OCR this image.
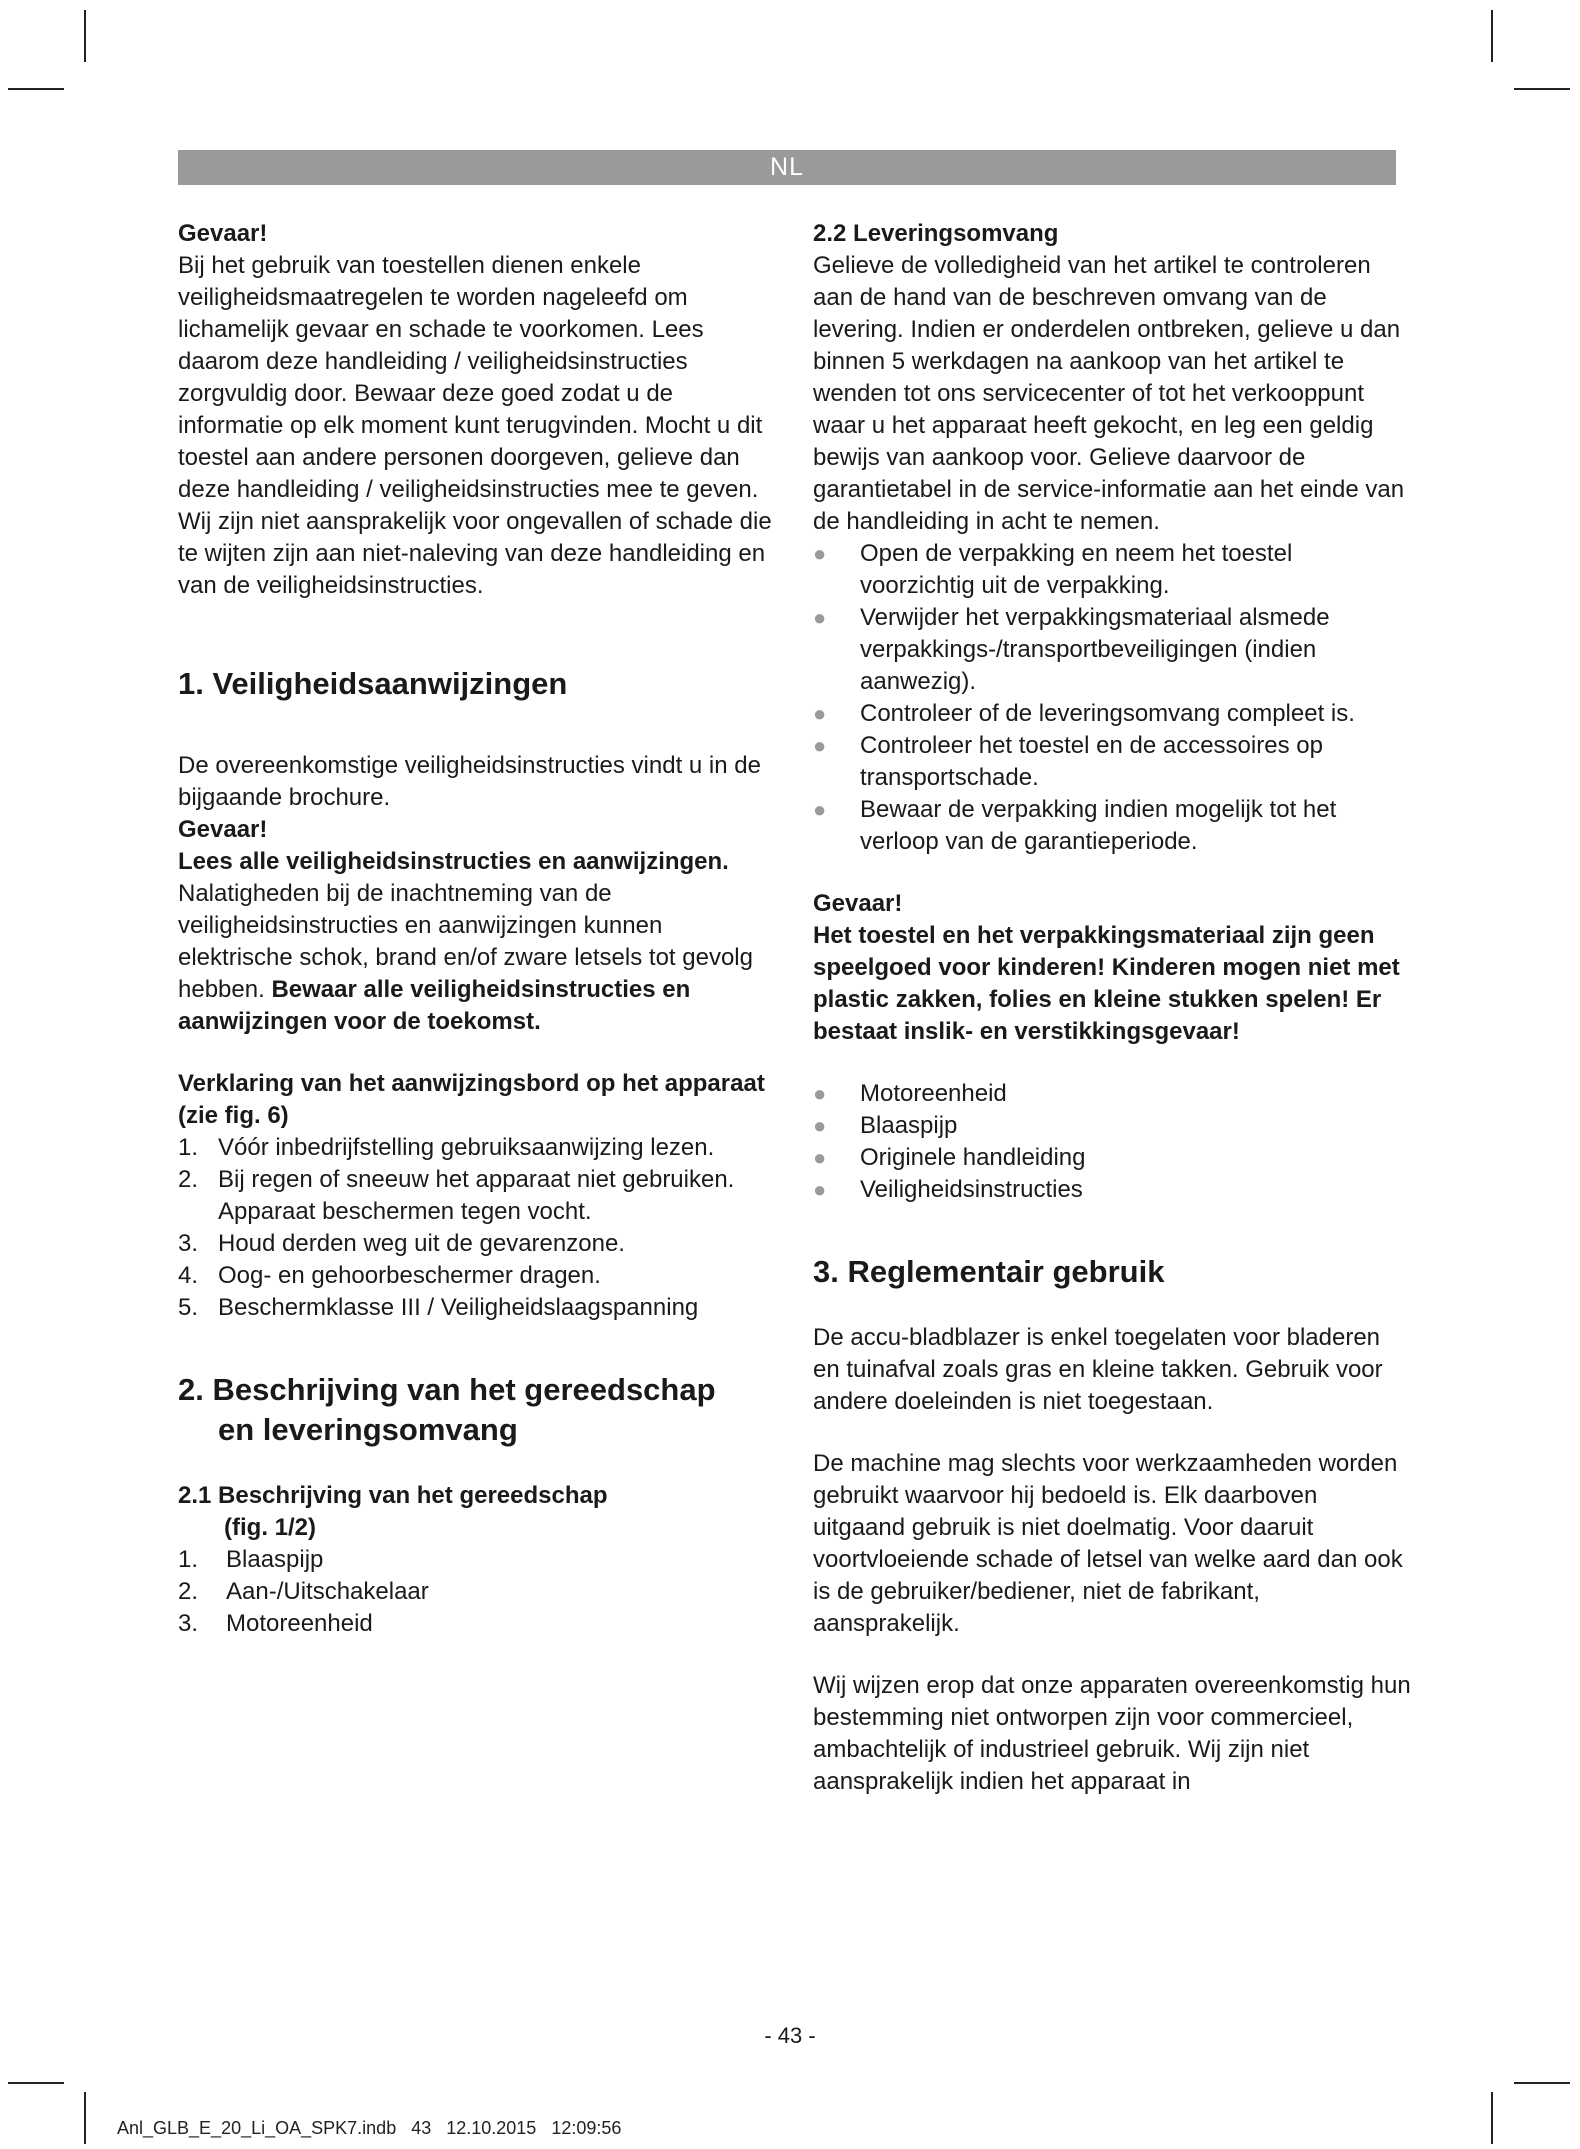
NL

Gevaar!

Bij het gebruik van toestellen dienen enkele veiligheidsmaatregelen te worden nageleefd om lichamelijk gevaar en schade te voorkomen. Lees daarom deze handleiding / veiligheidsinstructies zorgvuldig door. Bewaar deze goed zodat u de informatie op elk moment kunt terugvinden. Mocht u dit toestel aan andere personen doorgeven, gelieve dan deze handleiding / veiligheidsinstructies mee te geven. Wij zijn niet aansprakelijk voor ongevallen of schade die te wijten zijn aan niet-naleving van deze handleiding en van de veiligheidsinstructies.

1. Veiligheidsaanwijzingen

De overeenkomstige veiligheidsinstructies vindt u in de bijgaande brochure.

Gevaar!

Lees alle veiligheidsinstructies en aanwijzingen. Nalatigheden bij de inachtneming van de veiligheidsinstructies en aanwijzingen kunnen elektrische schok, brand en/of zware letsels tot gevolg hebben. Bewaar alle veiligheidsinstructies en aanwijzingen voor de toekomst.

Verklaring van het aanwijzingsbord op het apparaat (zie fig. 6)

1. Vóór inbedrijfstelling gebruiksaanwijzing lezen.
2. Bij regen of sneeuw het apparaat niet gebruiken. Apparaat beschermen tegen vocht.
3. Houd derden weg uit de gevarenzone.
4. Oog- en gehoorbeschermer dragen.
5. Beschermklasse III / Veiligheidslaagspanning
2. Beschrijving van het gereedschap
en leveringsomvang

2.1 Beschrijving van het gereedschap
(fig. 1/2)

1. Blaaspijp
2. Aan-/Uitschakelaar
3. Motoreenheid

2.2 Leveringsomvang

Gelieve de volledigheid van het artikel te controleren aan de hand van de beschreven omvang van de levering. Indien er onderdelen ontbreken, gelieve u dan binnen 5 werkdagen na aankoop van het artikel te wenden tot ons servicecenter of tot het verkooppunt waar u het apparaat heeft gekocht, en leg een geldig bewijs van aankoop voor. Gelieve daarvoor de garantietabel in de service-informatie aan het einde van de handleiding in acht te nemen.

● Open de verpakking en neem het toestel voorzichtig uit de verpakking.
● Verwijder het verpakkingsmateriaal alsmede verpakkings-/transportbeveiligingen (indien aanwezig).
● Controleer of de leveringsomvang compleet is.
● Controleer het toestel en de accessoires op transportschade.
● Bewaar de verpakking indien mogelijk tot het verloop van de garantieperiode.

Gevaar!

Het toestel en het verpakkingsmateriaal zijn geen speelgoed voor kinderen! Kinderen mogen niet met plastic zakken, folies en kleine stukken spelen! Er bestaat inslik- en verstikkingsgevaar!

● Motoreenheid
● Blaaspijp
● Originele handleiding
● Veiligheidsinstructies
3. Reglementair gebruik

De accu-bladblazer is enkel toegelaten voor bladeren en tuinafval zoals gras en kleine takken. Gebruik voor andere doeleinden is niet toegestaan.

De machine mag slechts voor werkzaamheden worden gebruikt waarvoor hij bedoeld is. Elk daarboven uitgaand gebruik is niet doelmatig. Voor daaruit voortvloeiende schade of letsel van welke aard dan ook is de gebruiker/bediener, niet de fabrikant, aansprakelijk.

Wij wijzen erop dat onze apparaten overeenkomstig hun bestemming niet ontworpen zijn voor commercieel, ambachtelijk of industrieel gebruik. Wij zijn niet aansprakelijk indien het apparaat in

- 43 -
Anl_GLB_E_20_Li_OA_SPK7.indb   43   12.10.2015   12:09:56
